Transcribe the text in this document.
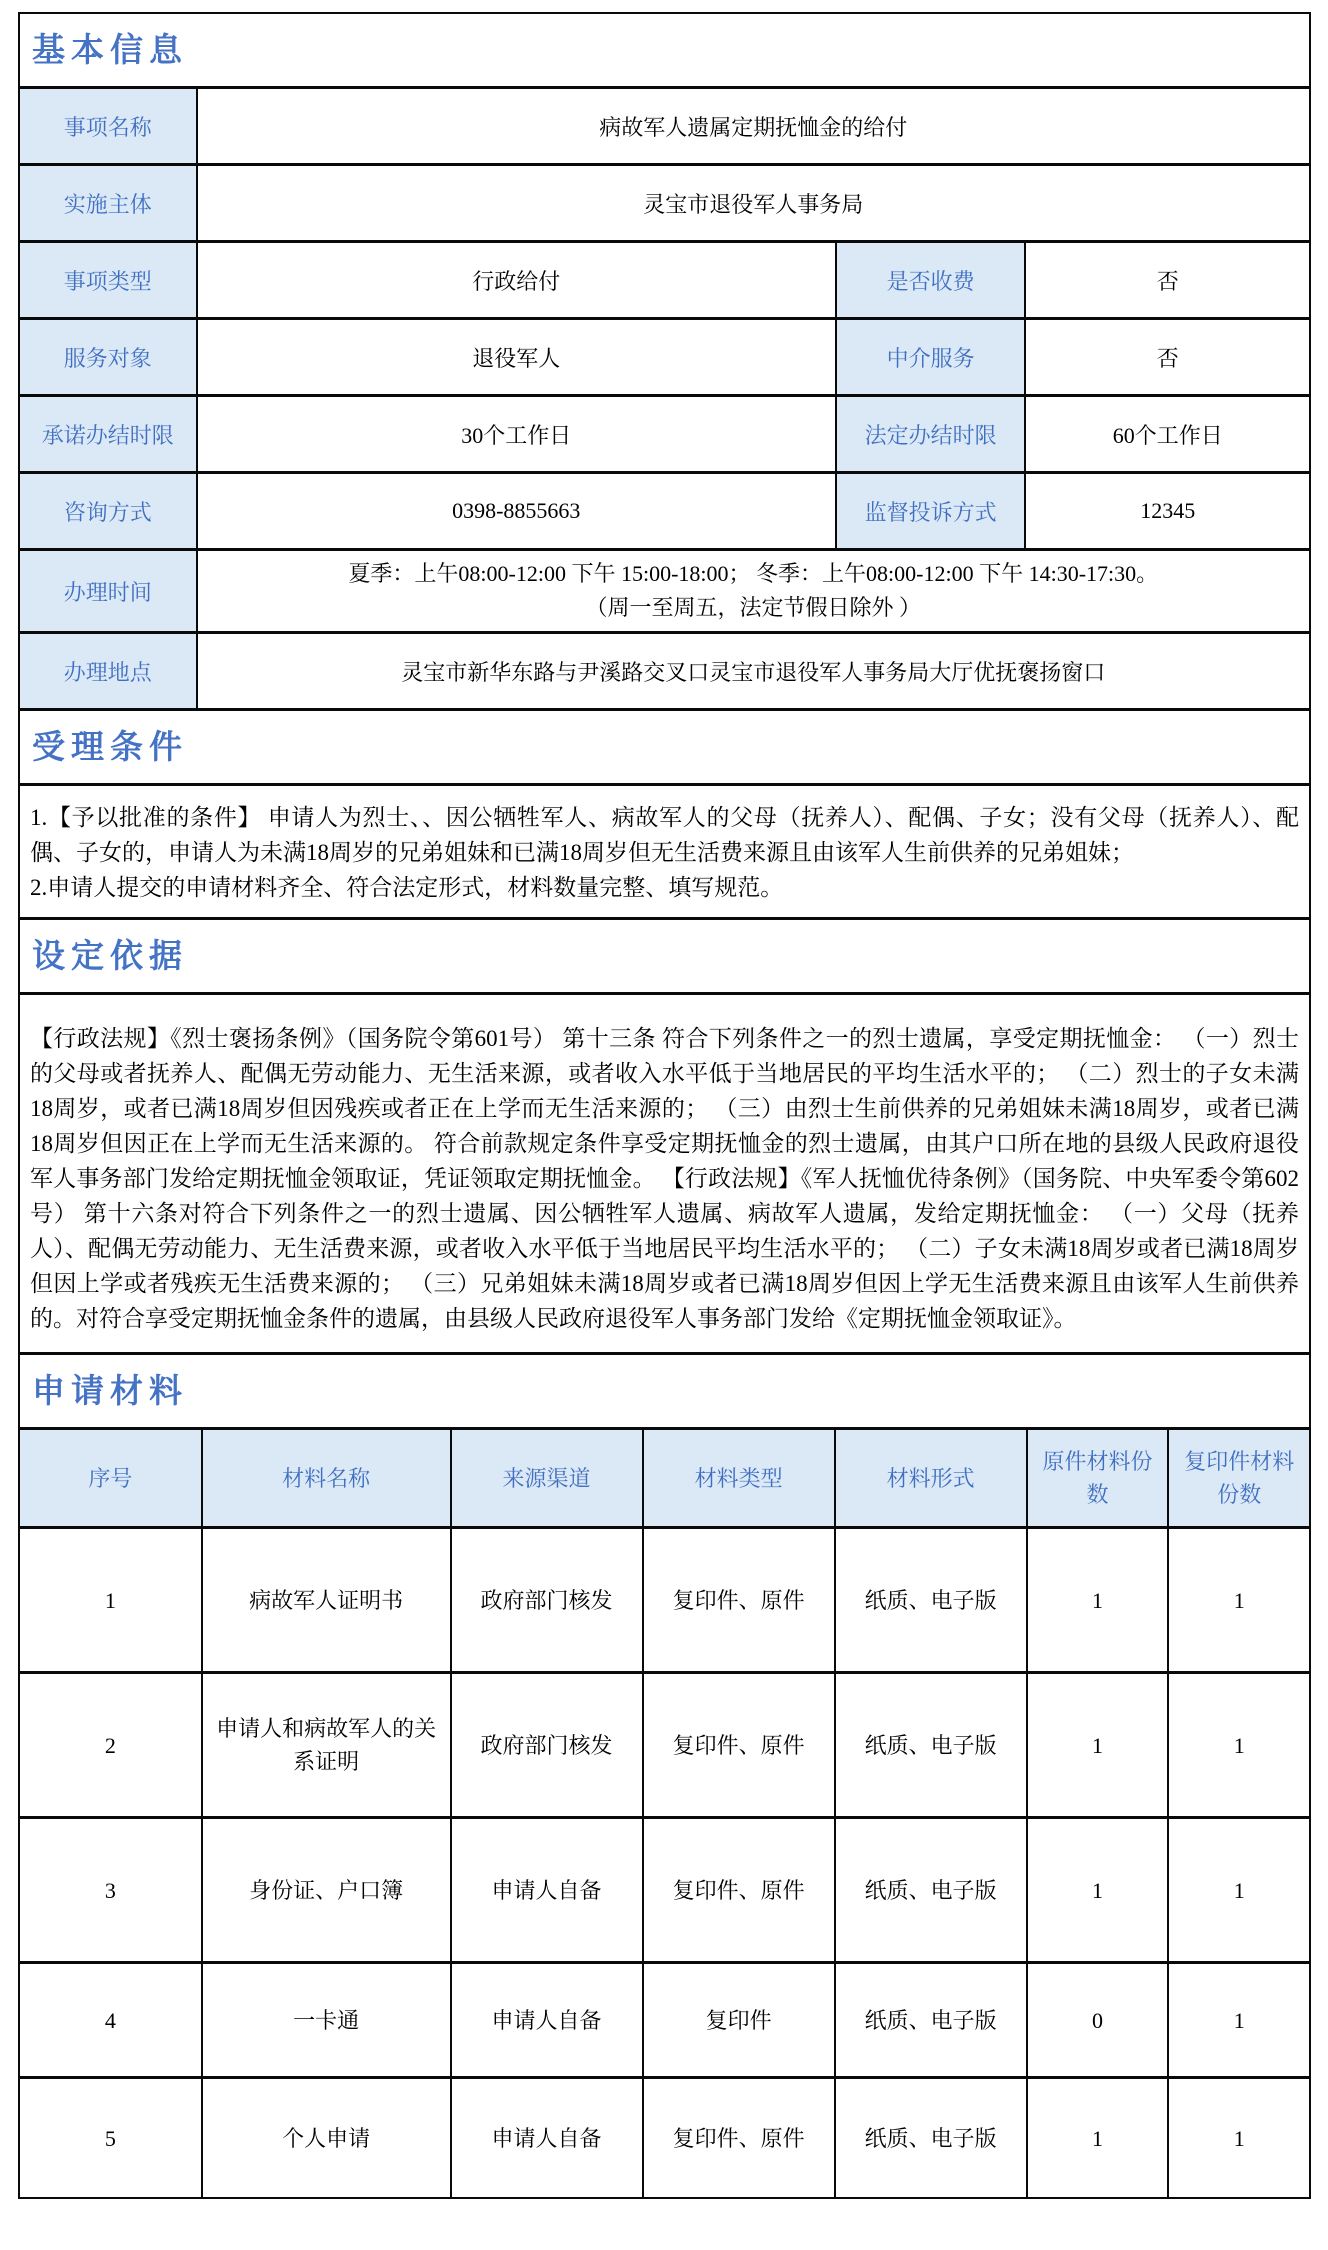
基本信息
事项名称	病故军人遗属定期抚恤金的给付		
实施主体	灵宝市退役军人事务局		
事项类型	行政给付	是否收费	否
服务对象	退役军人	中介服务	否
承诺办结时限	30个工作日	法定办结时限	60个工作日
咨询方式	0398-8855663	监督投诉方式	12345
办理时间	夏季：上午08:00-12:00 下午 15:00-18:00； 冬季：上午08:00-12:00 下午 14:30-17:30。
（周一至周五，法定节假日除外 ）		

办理地点	灵宝市新华东路与尹溪路交叉口灵宝市退役军人事务局大厅优抚褒扬窗口		
受理条件

1.【予以批准的条件】 申请人为烈士、、因公牺牲军人、病故军人的父母（抚养人）、配偶、子女；没有父母（抚养人）、配偶、子女的，申请人为未满18周岁的兄弟姐妹和已满18周岁但无生活费来源且由该军人生前供养的兄弟姐妹；

2.申请人提交的申请材料齐全、符合法定形式，材料数量完整、填写规范。

设定依据

【行政法规】《烈士褒扬条例》（国务院令第601号） 第十三条 符合下列条件之一的烈士遗属，享受定期抚恤金： （一）烈士的父母或者抚养人、配偶无劳动能力、无生活来源，或者收入水平低于当地居民的平均生活水平的； （二）烈士的子女未满18周岁，或者已满18周岁但因残疾或者正在上学而无生活来源的； （三）由烈士生前供养的兄弟姐妹未满18周岁，或者已满18周岁但因正在上学而无生活来源的。 符合前款规定条件享受定期抚恤金的烈士遗属，由其户口所在地的县级人民政府退役军人事务部门发给定期抚恤金领取证，凭证领取定期抚恤金。 【行政法规】《军人抚恤优待条例》（国务院、中央军委令第602号） 第十六条对符合下列条件之一的烈士遗属、因公牺牲军人遗属、病故军人遗属，发给定期抚恤金： （一）父母（抚养人）、配偶无劳动能力、无生活费来源，或者收入水平低于当地居民平均生活水平的； （二）子女未满18周岁或者已满18周岁但因上学或者残疾无生活费来源的； （三）兄弟姐妹未满18周岁或者已满18周岁但因上学无生活费来源且由该军人生前供养的。对符合享受定期抚恤金条件的遗属，由县级人民政府退役军人事务部门发给《定期抚恤金领取证》。

申请材料
序号	材料名称	来源渠道	材料类型	材料形式	原件材料份数	复印件材料份数
1	病故军人证明书	政府部门核发	复印件、原件	纸质、电子版	1	1
2	申请人和病故军人的关系证明	政府部门核发	复印件、原件	纸质、电子版	1	1
3	身份证、户口簿	申请人自备	复印件、原件	纸质、电子版	1	1
4	一卡通	申请人自备	复印件	纸质、电子版	0	1
5	个人申请	申请人自备	复印件、原件	纸质、电子版	1	1
